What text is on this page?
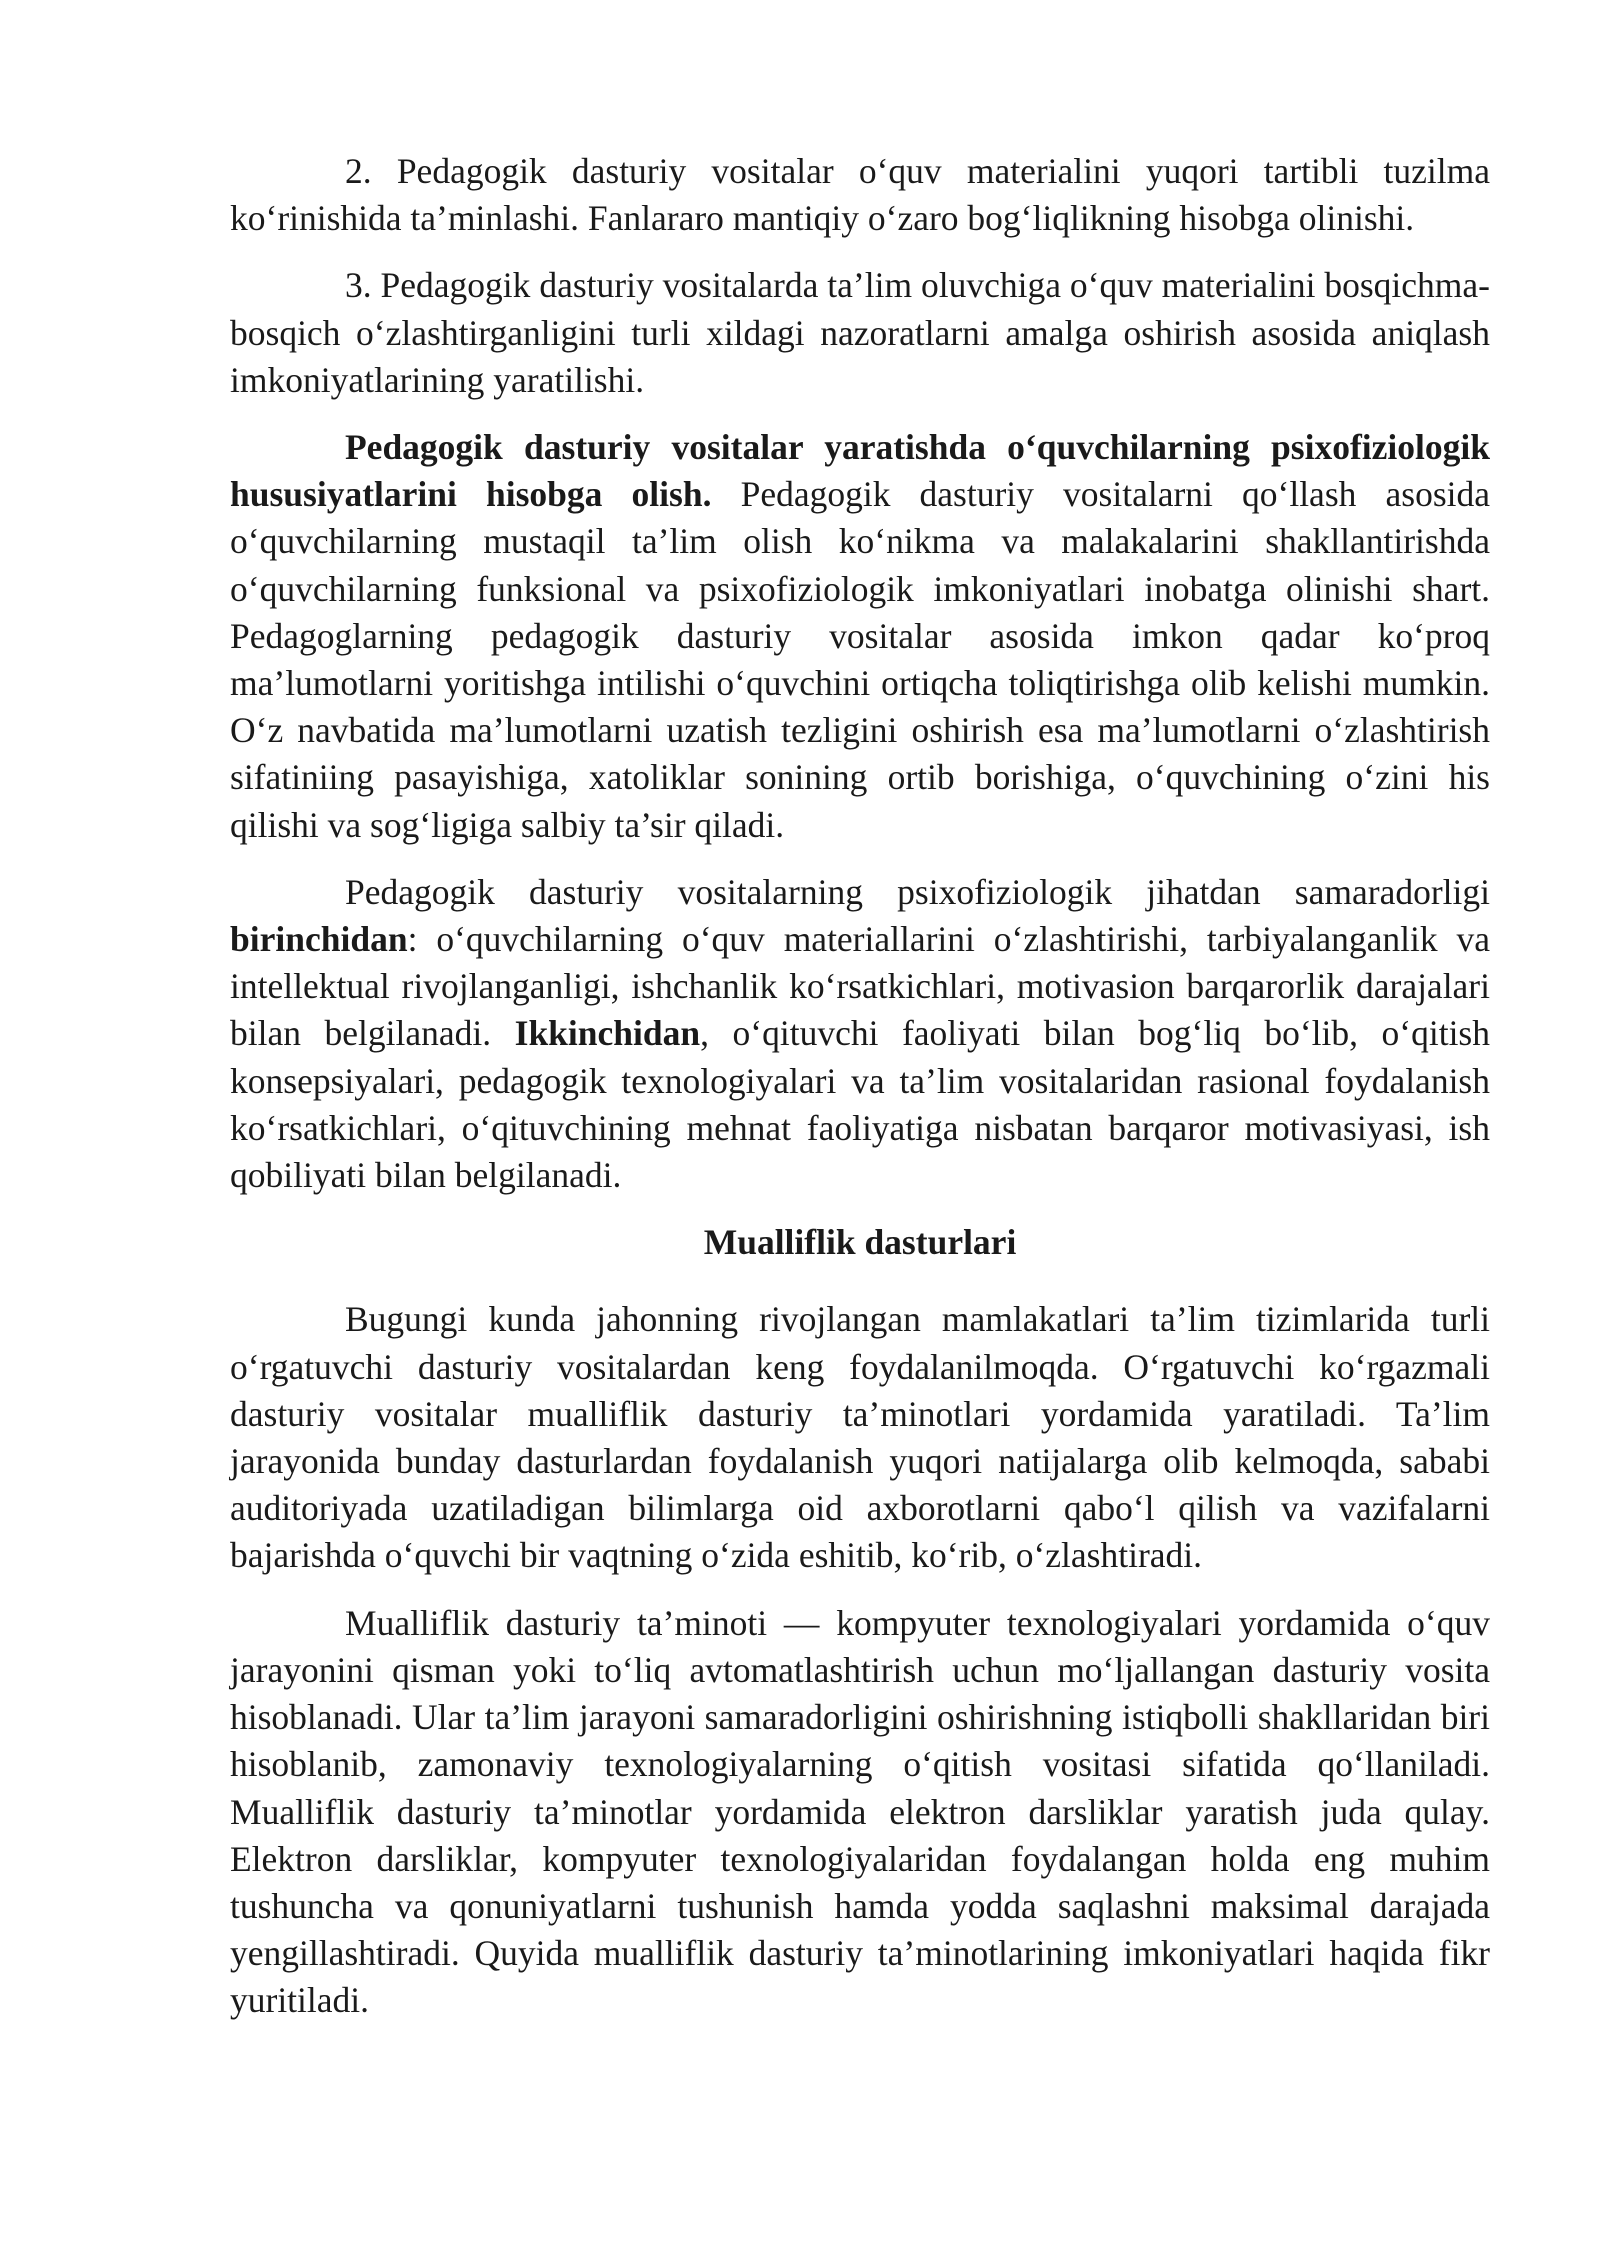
2. Pedagogik dasturiy vositalar o‘quv materialini yuqori tartibli tuzilma ko‘rinishida ta’minlashi. Fanlararo mantiqiy o‘zaro bog‘liqlikning hisobga olinishi.

3. Pedagogik dasturiy vositalarda ta’lim oluvchiga o‘quv materialini bosqichma-bosqich o‘zlashtirganligini turli xildagi nazoratlarni amalga oshirish asosida aniqlash imkoniyatlarining yaratilishi.

Pedagogik dasturiy vositalar yaratishda o‘quvchilarning psixofiziologik hususiyatlarini hisobga olish. Pedagogik dasturiy vositalarni qo‘llash asosida o‘quvchilarning mustaqil ta’lim olish ko‘nikma va malakalarini shakllantirishda o‘quvchilarning funksional va psixofiziologik imkoniyatlari inobatga olinishi shart. Pedagoglarning pedagogik dasturiy vositalar asosida imkon qadar ko‘proq ma’lumotlarni yoritishga intilishi o‘quvchini ortiqcha toliqtirishga olib kelishi mumkin. O‘z navbatida ma’lumotlarni uzatish tezligini oshirish esa ma’lumotlarni o‘zlashtirish sifatiniing pasayishiga, xatoliklar sonining ortib borishiga, o‘quvchining o‘zini his qilishi va sog‘ligiga salbiy ta’sir qiladi.

Pedagogik dasturiy vositalarning psixofiziologik jihatdan samaradorligi birinchidan: o‘quvchilarning o‘quv materiallarini o‘zlashtirishi, tarbiyalanganlik va intellektual rivojlanganligi, ishchanlik ko‘rsatkichlari, motivasion barqarorlik darajalari bilan belgilanadi. Ikkinchidan, o‘qituvchi faoliyati bilan bog‘liq bo‘lib, o‘qitish konsepsiyalari, pedagogik texnologiyalari va ta’lim vositalaridan rasional foydalanish ko‘rsatkichlari, o‘qituvchining mehnat faoliyatiga nisbatan barqaror motivasiyasi, ish qobiliyati bilan belgilanadi.

Mualliflik dasturlari

Bugungi kunda jahonning rivojlangan mamlakatlari ta’lim tizimlarida turli o‘rgatuvchi dasturiy vositalardan keng foydalanilmoqda. O‘rgatuvchi ko‘rgazmali dasturiy vositalar mualliflik dasturiy ta’minotlari yordamida yaratiladi. Ta’lim jarayonida bunday dasturlardan foydalanish yuqori natijalarga olib kelmoqda, sababi auditoriyada uzatiladigan bilimlarga oid axborotlarni qabo‘l qilish va vazifalarni bajarishda o‘quvchi bir vaqtning o‘zida eshitib, ko‘rib, o‘zlashtiradi.

Mualliflik dasturiy ta’minoti — kompyuter texnologiyalari yordamida o‘quv jarayonini qisman yoki to‘liq avtomatlashtirish uchun mo‘ljallangan dasturiy vosita hisoblanadi. Ular ta’lim jarayoni samaradorligini oshirishning istiqbolli shakllaridan biri hisoblanib, zamonaviy texnologiyalarning o‘qitish vositasi sifatida qo‘llaniladi. Mualliflik dasturiy ta’minotlar yordamida elektron darsliklar yaratish juda qulay. Elektron darsliklar, kompyuter texnologiyalaridan foydalangan holda eng muhim tushuncha va qonuniyatlarni tushunish hamda yodda saqlashni maksimal darajada yengillashtiradi. Quyida mualliflik dasturiy ta’minotlarining imkoniyatlari haqida fikr yuritiladi.
